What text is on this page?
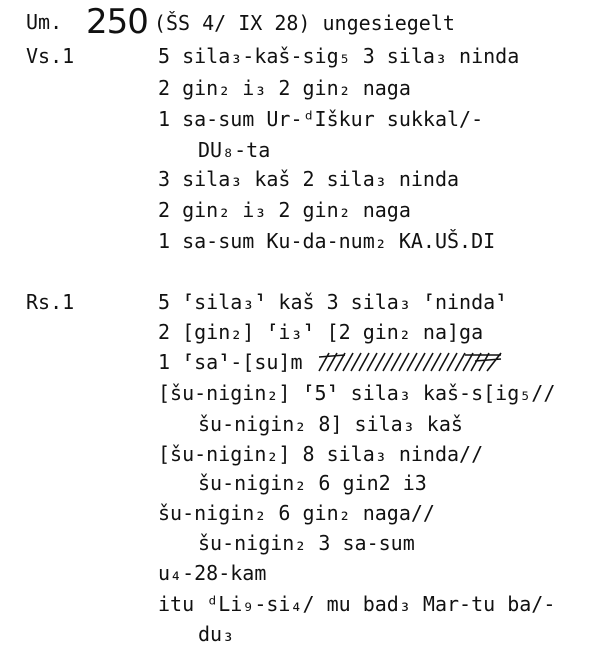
Um. 250 (ŠS 4/ IX 28) ungesiegelt
Vs.1	5 sila₃-kaš-sig₅ 3 sila₃ ninda
2 gin₂ i₃ 2 gin₂ naga
1 sa-sum Ur-ᵈIškur sukkal/-
DU₈-ta
3 sila₃ kaš 2 sila₃ ninda
2 gin₂ i₃ 2 gin₂ naga
1 sa-sum Ku-da-num₂ KA.UŠ.DI
Rs.1	5 ⸢sila₃⸣ kaš 3 sila₃ ⸢ninda⸣
2 [gin₂] ⸢i₃⸣ [2 gin₂ na]ga
1 ⸢sa⸣-[su]m
[šu-nigin₂] ⸢5⸣ sila₃ kaš-s[ig₅//
šu-nigin₂ 8] sila₃ kaš
[šu-nigin₂] 8 sila₃ ninda//
šu-nigin₂ 6 gin2 i3
šu-nigin₂ 6 gin₂ naga//
šu-nigin₂ 3 sa-sum
u₄-28-kam
itu ᵈLi₉-si₄/ mu bad₃ Mar-tu ba/-
du₃
